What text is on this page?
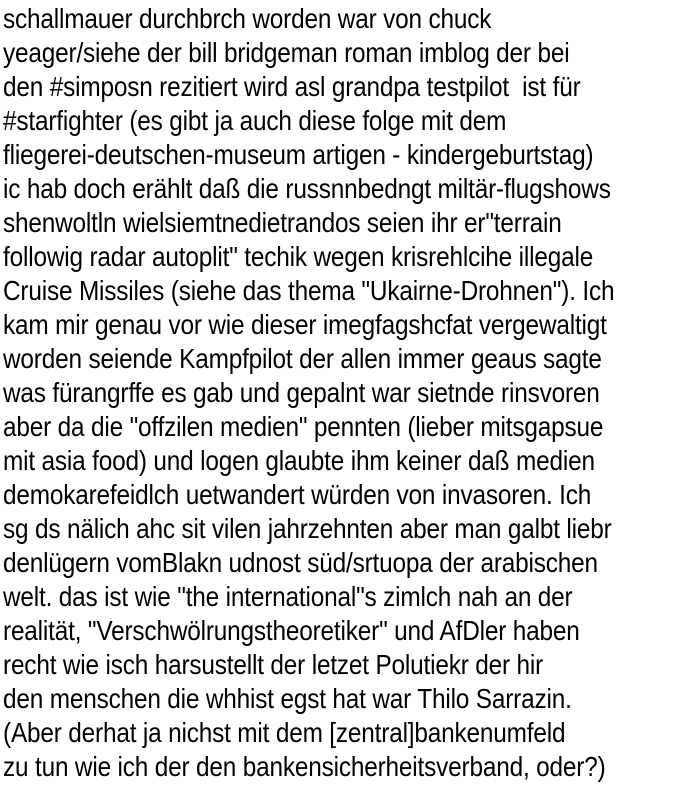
schallmauer durchbrch worden war von chuck
yeager/siehe der bill bridgeman roman imblog der bei
den #simposn rezitiert wird asl grandpa testpilot  ist für
#starfighter (es gibt ja auch diese folge mit dem
fliegerei-deutschen-museum artigen - kindergeburtstag)
ic hab doch erählt daß die russnnbedngt miltär-flugshows
shenwoltln wielsiemtnedietrandos seien ihr er"terrain
followig radar autoplit" techik wegen krisrehlcihe illegale
Cruise Missiles (siehe das thema "Ukairne-Drohnen"). Ich
kam mir genau vor wie dieser imegfagshcfat vergewaltigt
worden seiende Kampfpilot der allen immer geaus sagte
was fürangrffe es gab und gepalnt war sietnde rinsvoren
aber da die "offzilen medien" pennten (lieber mitsgapsue
mit asia food) und logen glaubte ihm keiner daß medien
demokarefeidlch uetwandert würden von invasoren. Ich
sg ds nälich ahc sit vilen jahrzehnten aber man galbt liebr
denlügern vomBlakn udnost süd/srtuopa der arabischen
welt. das ist wie "the international"s zimlch nah an der
realität, "Verschwölrungstheoretiker" und AfDler haben
recht wie isch harsustellt der letzet Polutiekr der hir
den menschen die whhist egst hat war Thilo Sarrazin.
(Aber derhat ja nichst mit dem [zentral]bankenumfeld
zu tun wie ich der den bankensicherheitsverband, oder?)
